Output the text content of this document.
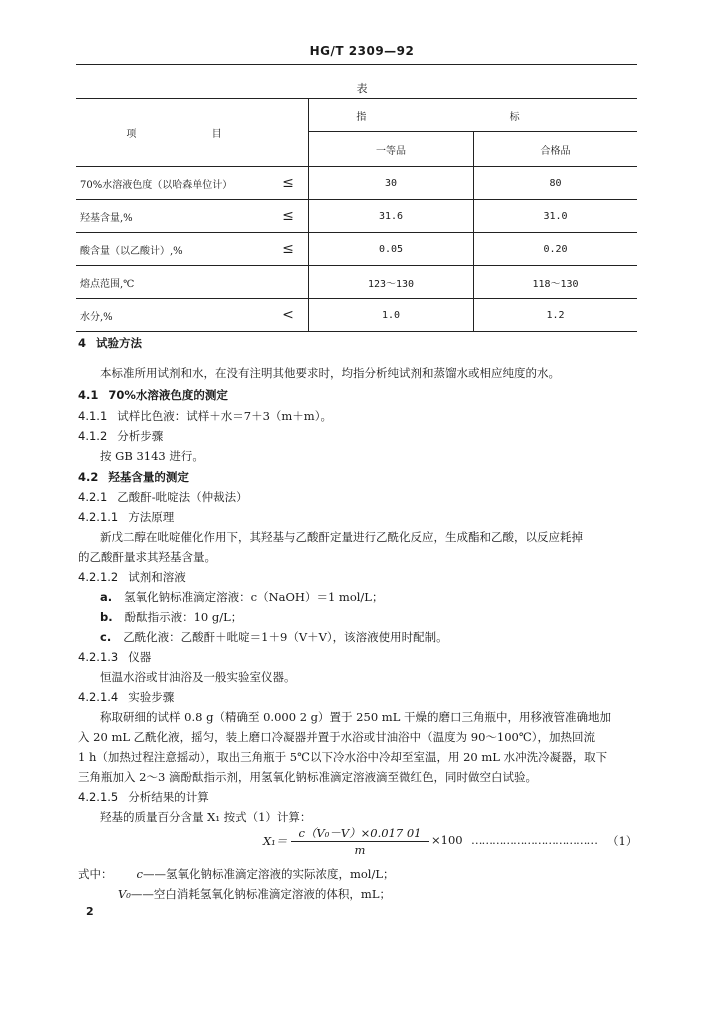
HG/T 2309—92
表
项 目		指 标	
		一等品	合格品
70%水溶液色度（以哈森单位计）	≤	30	80
羟基含量,%	≤	31.6	31.0
酸含量（以乙酸计）,%	≤	0.05	0.20
熔点范围,℃		123～130	118～130
水分,%	<	1.0	1.2
4 试验方法
本标准所用试剂和水，在没有注明其他要求时，均指分析纯试剂和蒸馏水或相应纯度的水。
4.1 70%水溶液色度的测定
4.1.1 试样比色液：试样＋水＝7＋3（m＋m）。
4.1.2 分析步骤
按 GB 3143 进行。
4.2 羟基含量的测定
4.2.1 乙酸酐-吡啶法（仲裁法）
4.2.1.1 方法原理
新戊二醇在吡啶催化作用下，其羟基与乙酸酐定量进行乙酰化反应，生成酯和乙酸，以反应耗掉
的乙酸酐量求其羟基含量。
4.2.1.2 试剂和溶液
a. 氢氧化钠标准滴定溶液：c（NaOH）＝1 mol/L；
b. 酚酞指示液：10 g/L；
c. 乙酰化液：乙酸酐＋吡啶＝1＋9（V＋V），该溶液使用时配制。
4.2.1.3 仪器
恒温水浴或甘油浴及一般实验室仪器。
4.2.1.4 实验步骤
称取研细的试样 0.8 g（精确至 0.000 2 g）置于 250 mL 干燥的磨口三角瓶中，用移液管准确地加
入 20 mL 乙酰化液，摇匀，装上磨口冷凝器并置于水浴或甘油浴中（温度为 90～100℃），加热回流
1 h（加热过程注意摇动），取出三角瓶于 5℃以下冷水浴中冷却至室温，用 20 mL 水冲洗冷凝器，取下
三角瓶加入 2～3 滴酚酞指示剂，用氢氧化钠标准滴定溶液滴至微红色，同时做空白试验。
4.2.1.5 分析结果的计算
羟基的质量百分含量 X₁ 按式（1）计算：
X₁＝
c（V₀－V）×0.017 01
m
×100 ……………………………… （1）
式中： c——氢氧化钠标准滴定溶液的实际浓度，mol/L；
V₀——空白消耗氢氧化钠标准滴定溶液的体积，mL；
2
